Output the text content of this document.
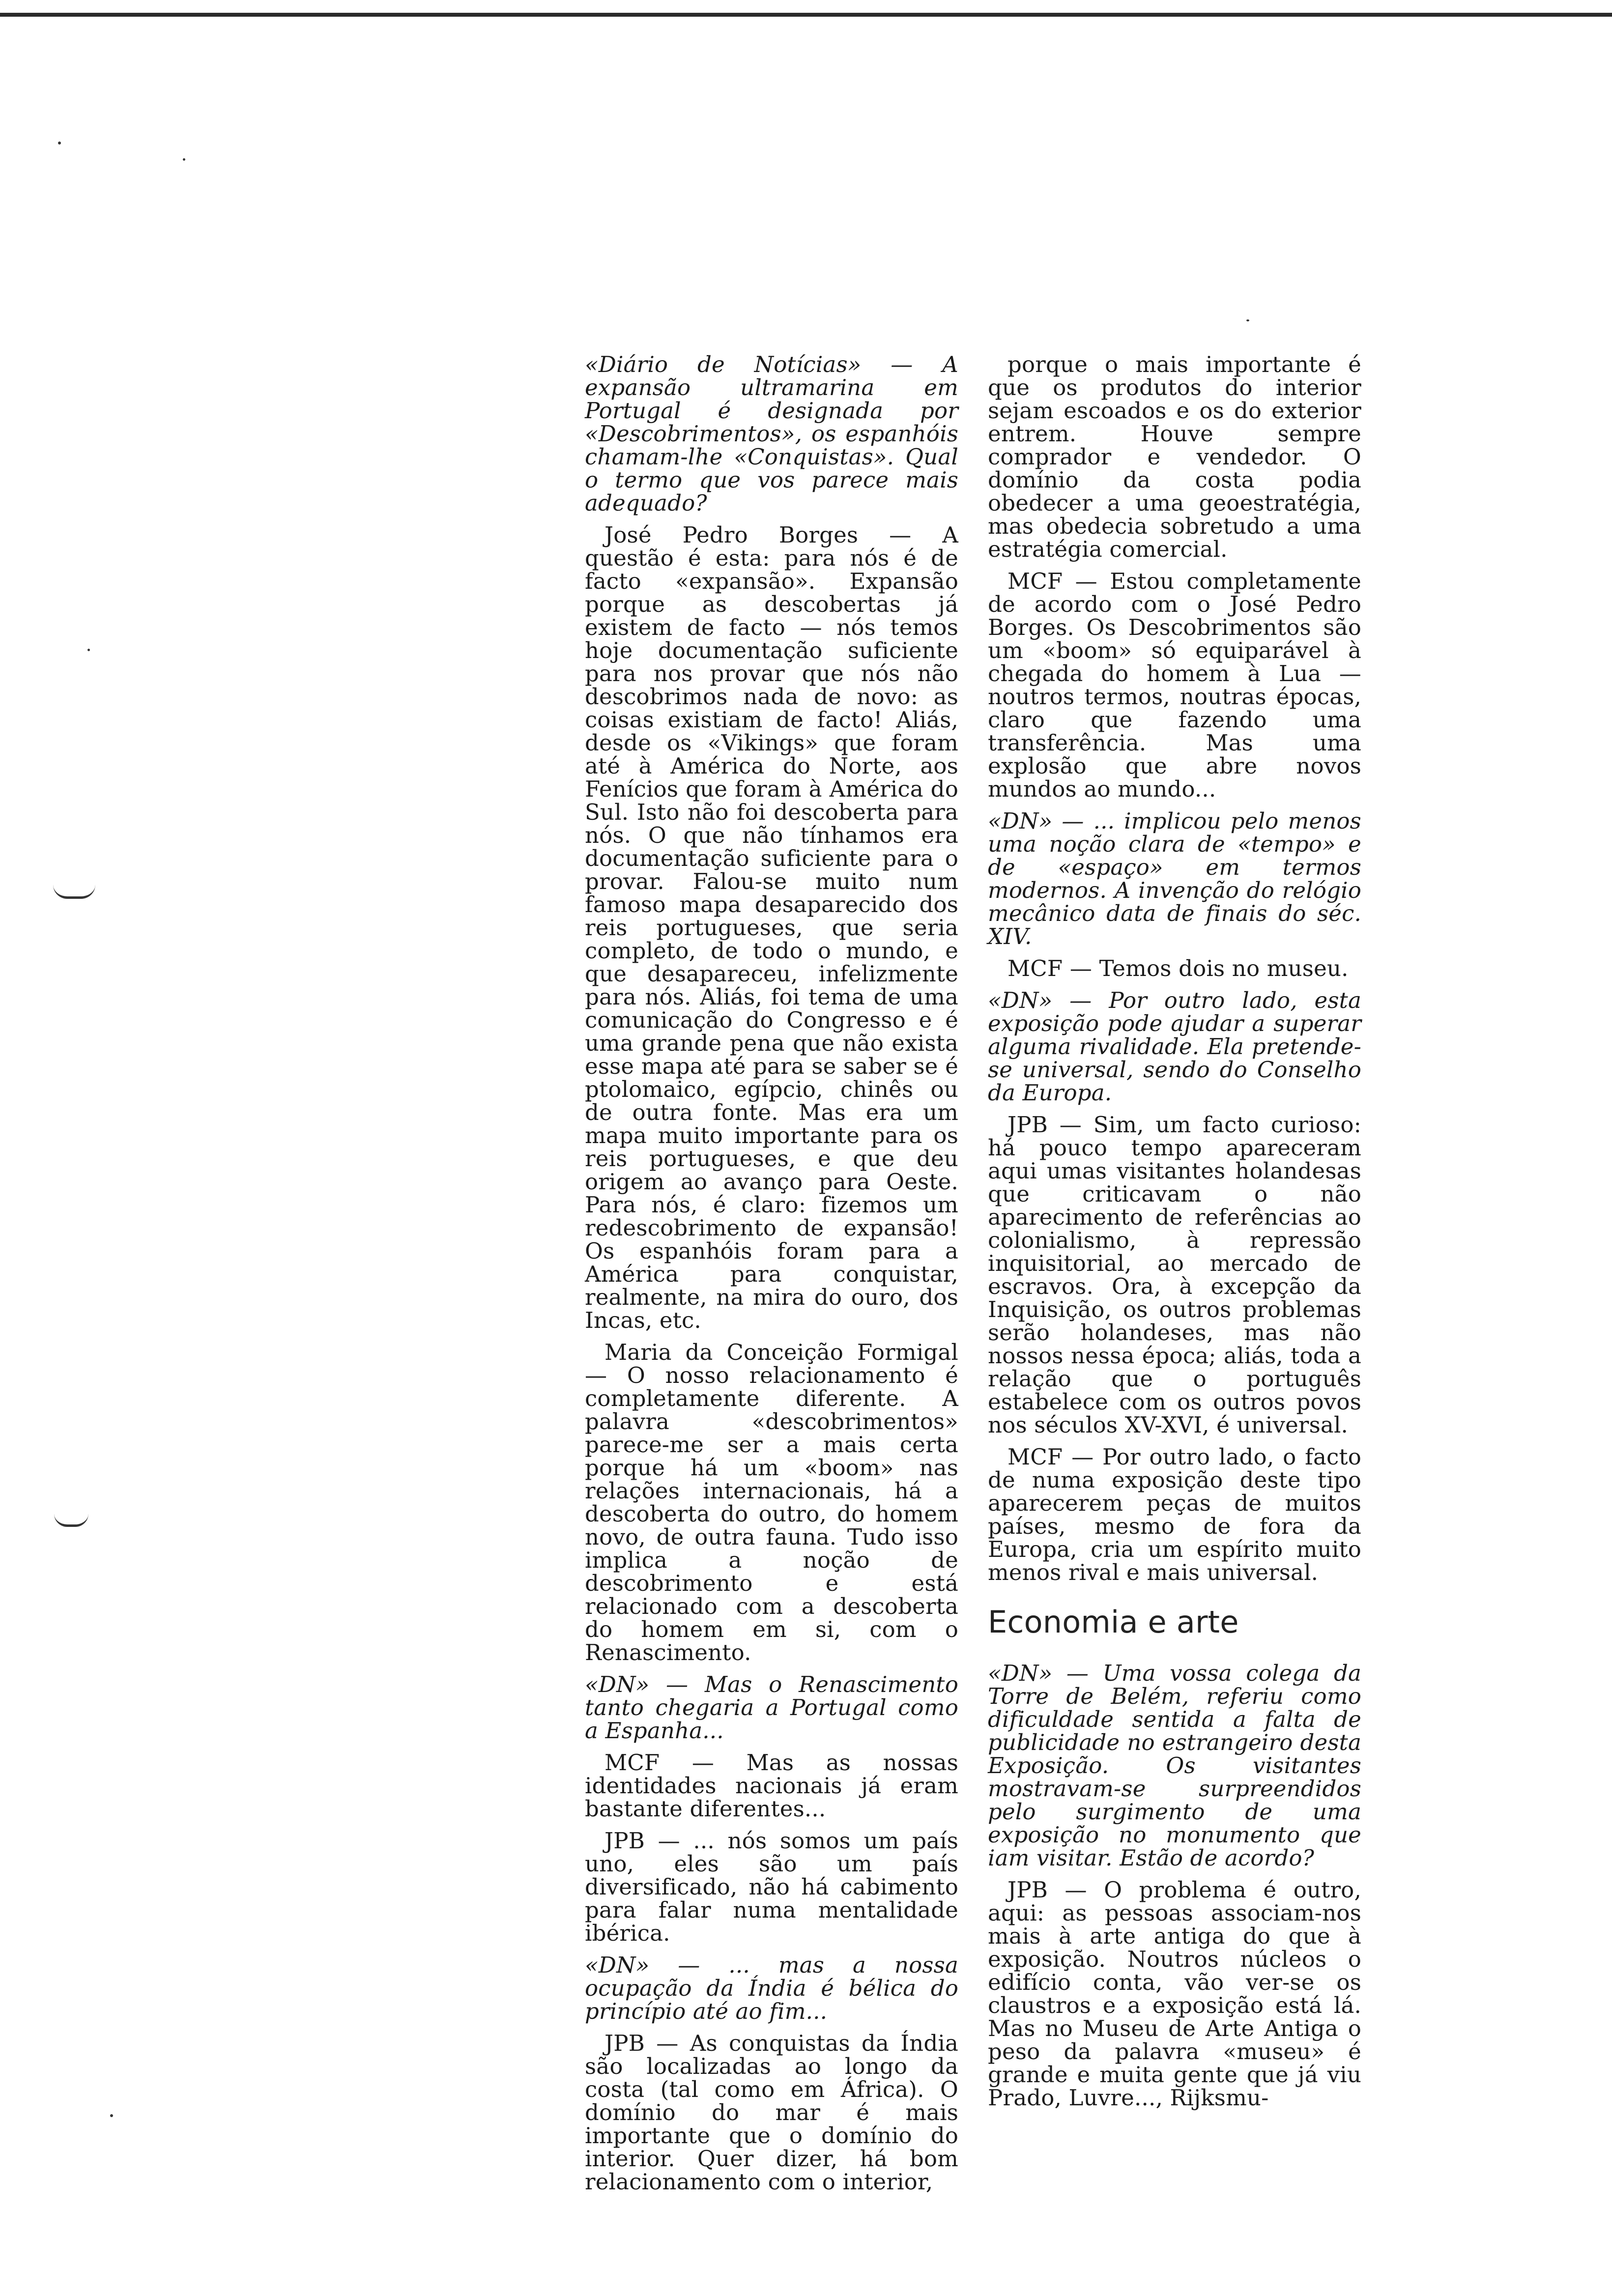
«Diário de Notícias» — A expansão ultramarina em Portugal é designada por «Descobrimentos», os espanhóis chamam-lhe «Conquistas». Qual o termo que vos parece mais adequado?

José Pedro Borges — A questão é esta: para nós é de facto «expansão». Expansão porque as descobertas já existem de facto — nós temos hoje documentação suficiente para nos provar que nós não descobrimos nada de novo: as coisas existiam de facto! Aliás, desde os «Vikings» que foram até à América do Norte, aos Fenícios que foram à América do Sul. Isto não foi descoberta para nós. O que não tínhamos era documentação suficiente para o provar. Falou-se muito num famoso mapa desaparecido dos reis portugueses, que seria completo, de todo o mundo, e que desapareceu, infelizmente para nós. Aliás, foi tema de uma comunicação do Congresso e é uma grande pena que não exista esse mapa até para se saber se é ptolomaico, egípcio, chinês ou de outra fonte. Mas era um mapa muito importante para os reis portugueses, e que deu origem ao avanço para Oeste. Para nós, é claro: fizemos um redescobrimento de expansão! Os espanhóis foram para a América para conquistar, realmente, na mira do ouro, dos Incas, etc.

Maria da Conceição Formigal — O nosso relacionamento é completamente diferente. A palavra «descobrimentos» parece-me ser a mais certa porque há um «boom» nas relações internacionais, há a descoberta do outro, do homem novo, de outra fauna. Tudo isso implica a noção de descobrimento e está relacionado com a descoberta do homem em si, com o Renascimento.

«DN» — Mas o Renascimento tanto chegaria a Portugal como a Espanha...

MCF — Mas as nossas identidades nacionais já eram bastante diferentes...

JPB — ... nós somos um país uno, eles são um país diversificado, não há cabimento para falar numa mentalidade ibérica.

«DN» — ... mas a nossa ocupação da Índia é bélica do princípio até ao fim...

JPB — As conquistas da Índia são localizadas ao longo da costa (tal como em África). O domínio do mar é mais importante que o domínio do interior. Quer dizer, há bom relacionamento com o interior,

porque o mais importante é que os produtos do interior sejam escoados e os do exterior entrem. Houve sempre comprador e vendedor. O domínio da costa podia obedecer a uma geoestratégia, mas obedecia sobretudo a uma estratégia comercial.

MCF — Estou completamente de acordo com o José Pedro Borges. Os Descobrimentos são um «boom» só equiparável à chegada do homem à Lua — noutros termos, noutras épocas, claro que fazendo uma transferência. Mas uma explosão que abre novos mundos ao mundo...

«DN» — ... implicou pelo menos uma noção clara de «tempo» e de «espaço» em termos modernos. A invenção do relógio mecânico data de finais do séc. XIV.

MCF — Temos dois no museu.

«DN» — Por outro lado, esta exposição pode ajudar a superar alguma rivalidade. Ela pretende-se universal, sendo do Conselho da Europa.

JPB — Sim, um facto curioso: há pouco tempo apareceram aqui umas visitantes holandesas que criticavam o não aparecimento de referências ao colonialismo, à repressão inquisitorial, ao mercado de escravos. Ora, à excepção da Inquisição, os outros problemas serão holandeses, mas não nossos nessa época; aliás, toda a relação que o português estabelece com os outros povos nos séculos XV-XVI, é universal.

MCF — Por outro lado, o facto de numa exposição deste tipo aparecerem peças de muitos países, mesmo de fora da Europa, cria um espírito muito menos rival e mais universal.

Economia e arte

«DN» — Uma vossa colega da Torre de Belém, referiu como dificuldade sentida a falta de publicidade no estrangeiro desta Exposição. Os visitantes mostravam-se surpreendidos pelo surgimento de uma exposição no monumento que iam visitar. Estão de acordo?

JPB — O problema é outro, aqui: as pessoas associam-nos mais à arte antiga do que à exposição. Noutros núcleos o edifício conta, vão ver-se os claustros e a exposição está lá. Mas no Museu de Arte Antiga o peso da palavra «museu» é grande e muita gente que já viu Prado, Luvre..., Rijksmu-
